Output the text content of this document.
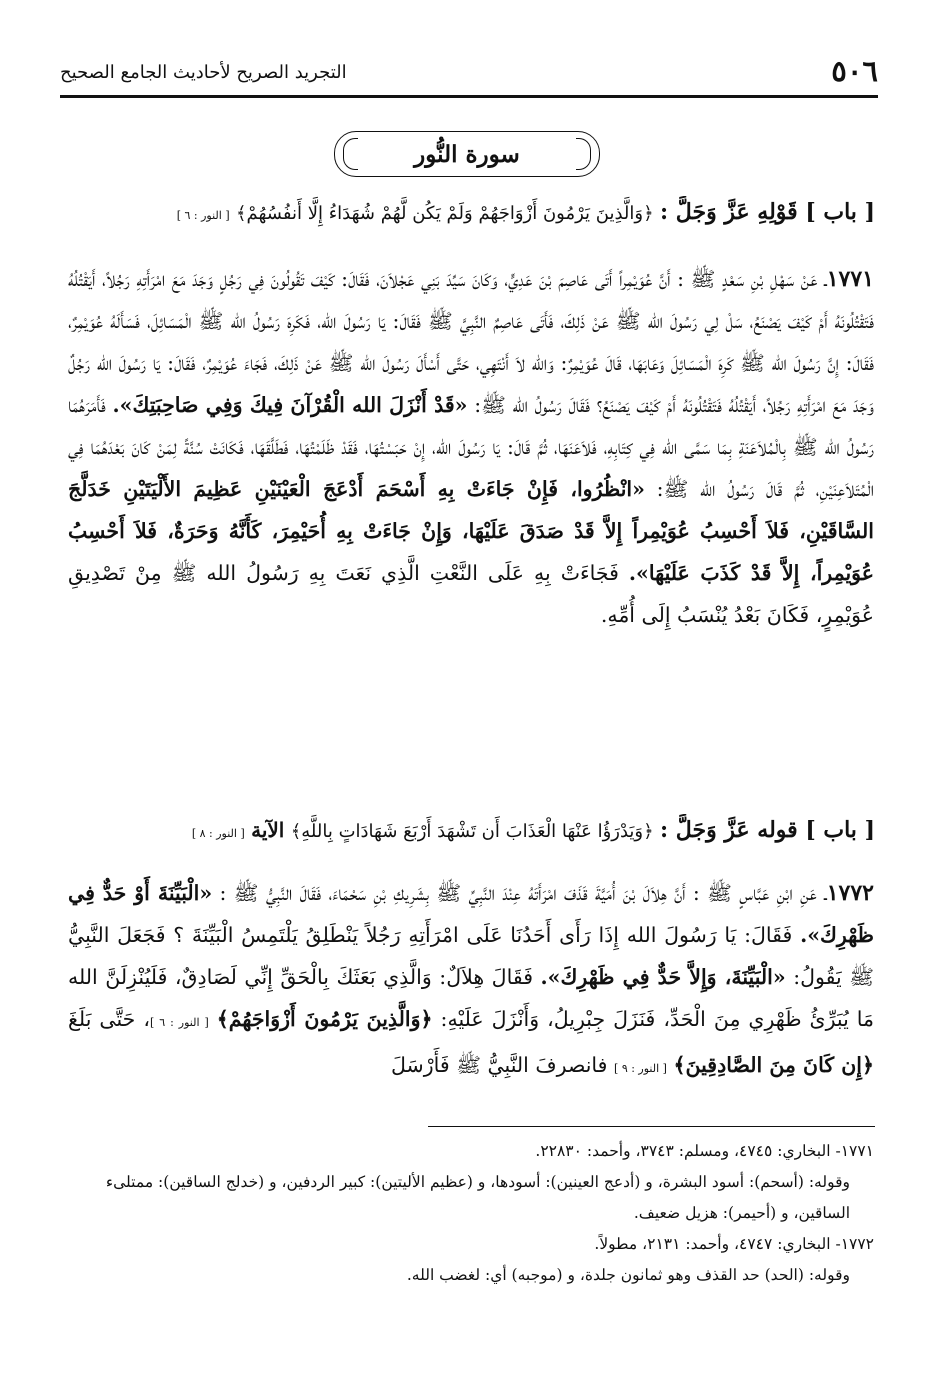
٥٠٦
التجريد الصريح لأحاديث الجامع الصحيح
سورة النُّور
[ باب ] قَوْلِهِ عَزَّ وَجَلَّ : ﴿وَالَّذِينَ يَرْمُونَ أَزْوَاجَهُمْ وَلَمْ يَكُن لَّهُمْ شُهَدَاءُ إِلَّا أَنفُسُهُمْ﴾ [ النور : ٦ ]
١٧٧١ـ عَنْ سَهْلِ بْنِ سَعْدٍ ﷺ : أَنَّ عُوَيْمِراً أَتَى عَاصِمَ بْنَ عَدِيٍّ، وَكَانَ سَيِّدَ بَنِي عَجْلاَنَ، فَقَالَ: كَيْفَ تَقُولُونَ فِي رَجُلٍ وَجَدَ مَعَ امْرَأَتِهِ رَجُلاً، أَيَقْتُلُهُ فَتَقْتُلُونَهُ أَمْ كَيْفَ يَصْنَعُ، سَلْ لِي رَسُولَ الله ﷺ عَنْ ذَلِكَ، فَأَتَى عَاصِمٌ النَّبِيَّ ﷺ فَقَالَ: يَا رَسُولَ الله، فَكَرِهَ رَسُولُ الله ﷺ الْمَسَائِلَ، فَسَأَلَهُ عُوَيْمِرٌ، فَقَالَ: إِنَّ رَسُولَ الله ﷺ كَرِهَ الْمَسَائِلَ وَعَابَهَا، قَالَ عُوَيْمِرٌ: وَالله لاَ أَنْتَهِي، حَتَّى أَسْأَلَ رَسُولَ الله ﷺ عَنْ ذَلِكَ، فَجَاءَ عُوَيْمِرٌ، فَقَالَ: يَا رَسُولَ الله رَجُلٌ وَجَدَ مَعَ امْرَأَتِهِ رَجُلاً، أَيَقْتُلُهُ فَتَقْتُلُونَهُ أَمْ كَيْفَ يَصْنَعُ؟ فَقَالَ رَسُولُ الله ﷺ: «قَدْ أَنْزَلَ الله الْقُرْآنَ فِيكَ وَفِي صَاحِبَتِكَ». فَأَمَرَهُمَا رَسُولُ الله ﷺ بِالْمُلاَعَنَةِ بِمَا سَمَّى الله فِي كِتَابِهِ، فَلاَعَنَهَا، ثُمَّ قَالَ: يَا رَسُولَ الله، إِنْ حَبَسْتُهَا، فَقَدْ ظَلَمْتُهَا، فَطَلَّقَهَا، فَكَانَتْ سُنَّةً لِمَنْ كَانَ بَعْدَهُمَا فِي الْمُتَلاَعِنَيْنِ، ثُمَّ قَالَ رَسُولُ الله ﷺ: «انْظُرُوا، فَإِنْ جَاءَتْ بِهِ أَسْحَمَ أَدْعَجَ الْعَيْنَيْنِ عَظِيمَ الأَلْيَتَيْنِ خَدَلَّجَ السَّاقَيْنِ، فَلاَ أَحْسِبُ عُوَيْمِراً إِلاَّ قَدْ صَدَقَ عَلَيْهَا، وَإِنْ جَاءَتْ بِهِ أُحَيْمِرَ، كَأَنَّهُ وَحَرَةٌ، فَلاَ أَحْسِبُ عُوَيْمِراً، إِلاَّ قَدْ كَذَبَ عَلَيْهَا». فَجَاءَتْ بِهِ عَلَى النَّعْتِ الَّذِي نَعَتَ بِهِ رَسُولُ الله ﷺ مِنْ تَصْدِيقِ عُوَيْمِرٍ، فَكَانَ بَعْدُ يُنْسَبُ إِلَى أُمِّهِ.
[ باب ] قوله عَزَّ وَجَلَّ : ﴿وَيَدْرَؤُا عَنْهَا الْعَذَابَ أَن تَشْهَدَ أَرْبَعَ شَهَادَاتٍ بِاللَّهِ﴾ الآية [ النور : ٨ ]
١٧٧٢ـ عَنِ ابْنِ عَبَّاسٍ ﷺ : أَنَّ هِلاَلَ بْنَ أُمَيَّةَ قَذَفَ امْرَأَتَهُ عِنْدَ النَّبِيِّ ﷺ بِشَرِيكِ بْنِ سَحْمَاءَ، فَقَالَ النَّبِيُّ ﷺ : «الْبَيِّنَةَ أَوْ حَدٌّ فِي ظَهْرِكَ». فَقَالَ: يَا رَسُولَ الله إِذَا رَأَى أَحَدُنَا عَلَى امْرَأَتِهِ رَجُلاً يَنْطَلِقُ يَلْتَمِسُ الْبَيِّنَةَ ؟ فَجَعَلَ النَّبِيُّ ﷺ يَقُولُ: «الْبَيِّنَةَ، وَإِلاَّ حَدٌّ فِي ظَهْرِكَ». فَقَالَ هِلاَلٌ: وَالَّذِي بَعَثَكَ بِالْحَقِّ إِنِّي لَصَادِقٌ، فَلَيُنْزِلَنَّ الله مَا يُبَرِّئُ ظَهْرِي مِنَ الْحَدِّ، فَنَزَلَ جِبْرِيلُ، وَأَنْزَلَ عَلَيْهِ: ﴿وَالَّذِينَ يَرْمُونَ أَزْوَاجَهُمْ﴾ [ النور : ٦ ]، حَتَّى بَلَغَ ﴿إِن كَانَ مِنَ الصَّادِقِينَ﴾ [ النور : ٩ ] فانصرفَ النَّبِيُّ ﷺ فَأَرْسَلَ

١٧٧١- البخاري: ٤٧٤٥، ومسلم: ٣٧٤٣، وأحمد: ٢٢٨٣٠.

وقوله: (أسحم): أسود البشرة، و (أدعج العينين): أسودها، و (عظيم الأليتين): كبير الردفين، و (خدلج الساقين): ممتلىء الساقين، و (أحيمر): هزيل ضعيف.

١٧٧٢- البخاري: ٤٧٤٧، وأحمد: ٢١٣١، مطولاً.

وقوله: (الحد) حد القذف وهو ثمانون جلدة، و (موجبه) أي: لغضب الله.
